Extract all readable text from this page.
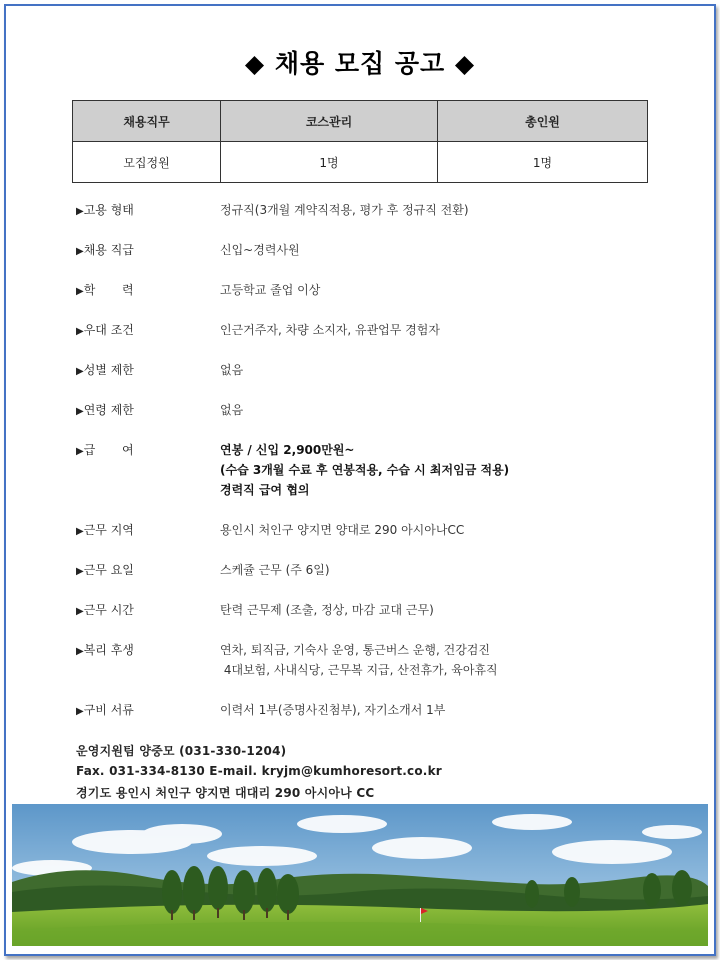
◆ 채용 모집 공고 ◆
채용직무	코스관리	총인원
모집정원	1명	1명
▶고용 형태	정규직(3개월 계약직적용, 평가 후 정규직 전환)
▶채용 직급	신입~경력사원
▶학       력	고등학교 졸업 이상
▶우대 조건	인근거주자, 차량 소지자, 유관업무 경험자
▶성별 제한	없음
▶연령 제한	없음
▶급       여	연봉 / 신입 2,900만원~
(수습 3개월 수료 후 연봉적용, 수습 시 최저임금 적용)
경력직 급여 협의
▶근무 지역	용인시 처인구 양지면 양대로 290 아시아나CC
▶근무 요일	스케쥴 근무 (주 6일)
▶근무 시간	탄력 근무제 (조출, 정상, 마감 교대 근무)
▶복리 후생	연차, 퇴직금, 기숙사 운영, 통근버스 운행, 건강검진
4대보험, 사내식당, 근무복 지급, 산전휴가, 육아휴직
▶구비 서류	이력서 1부(증명사진첨부), 자기소개서 1부
운영지원팀 양중모 (031-330-1204)
Fax. 031-334-8130 E-mail. kryjm@kumhoresort.co.kr
경기도 용인시 처인구 양지면 대대리 290 아시아나 CC
